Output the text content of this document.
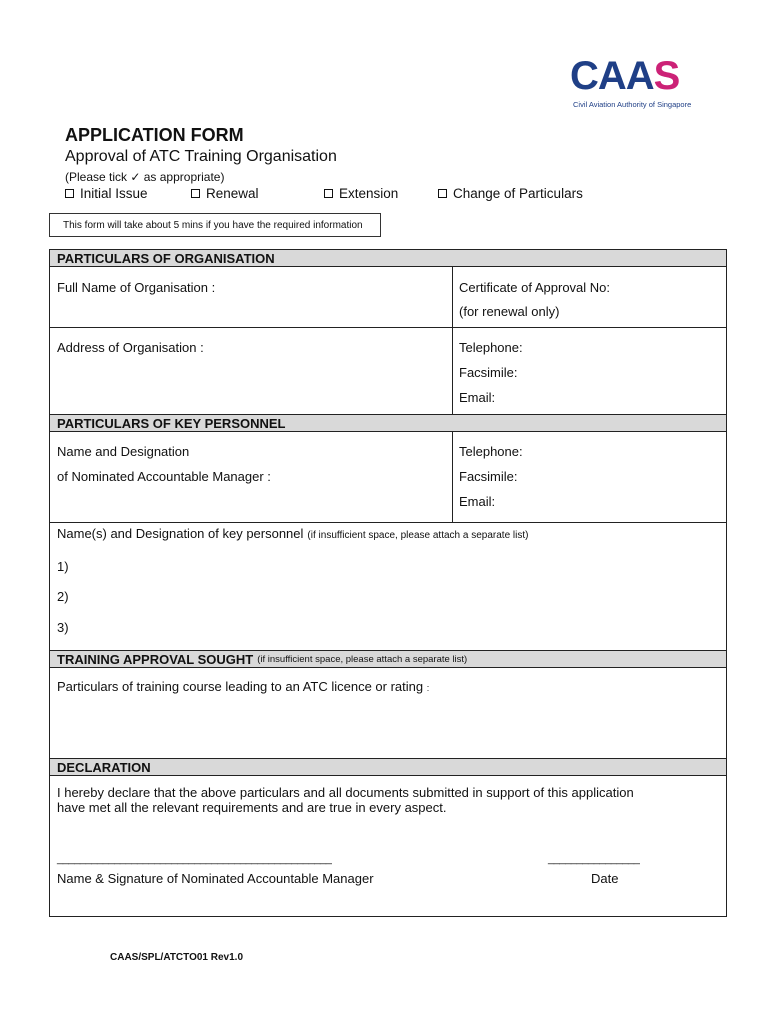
CAAS
Civil Aviation Authority of Singapore
APPLICATION FORM
Approval of ATC Training Organisation
(Please tick ✓ as appropriate)
Initial Issue	Renewal	Extension	Change of Particulars
This form will take about 5 mins if you have the required information
PARTICULARS OF ORGANISATION
Full Name of Organisation :	Certificate of Approval No:
(for renewal only)
Address of Organisation :	Telephone:
Facsimile:
Email:
PARTICULARS OF KEY PERSONNEL
Name and Designation
of Nominated Accountable Manager :
Telephone:
Facsimile:
Email:
Name(s) and Designation of key personnel (if insufficient space, please attach a separate list)
1)
2)
3)
TRAINING APPROVAL SOUGHT (if insufficient space, please attach a separate list)
Particulars of training course leading to an ATC licence or rating :
DECLARATION
I hereby declare that the above particulars and all documents submitted in support of this application
have met all the relevant requirements and are true in every aspect.
________________________________________________
Name & Signature of Nominated Accountable Manager
________________
Date
CAAS/SPL/ATCTO01 Rev1.0
